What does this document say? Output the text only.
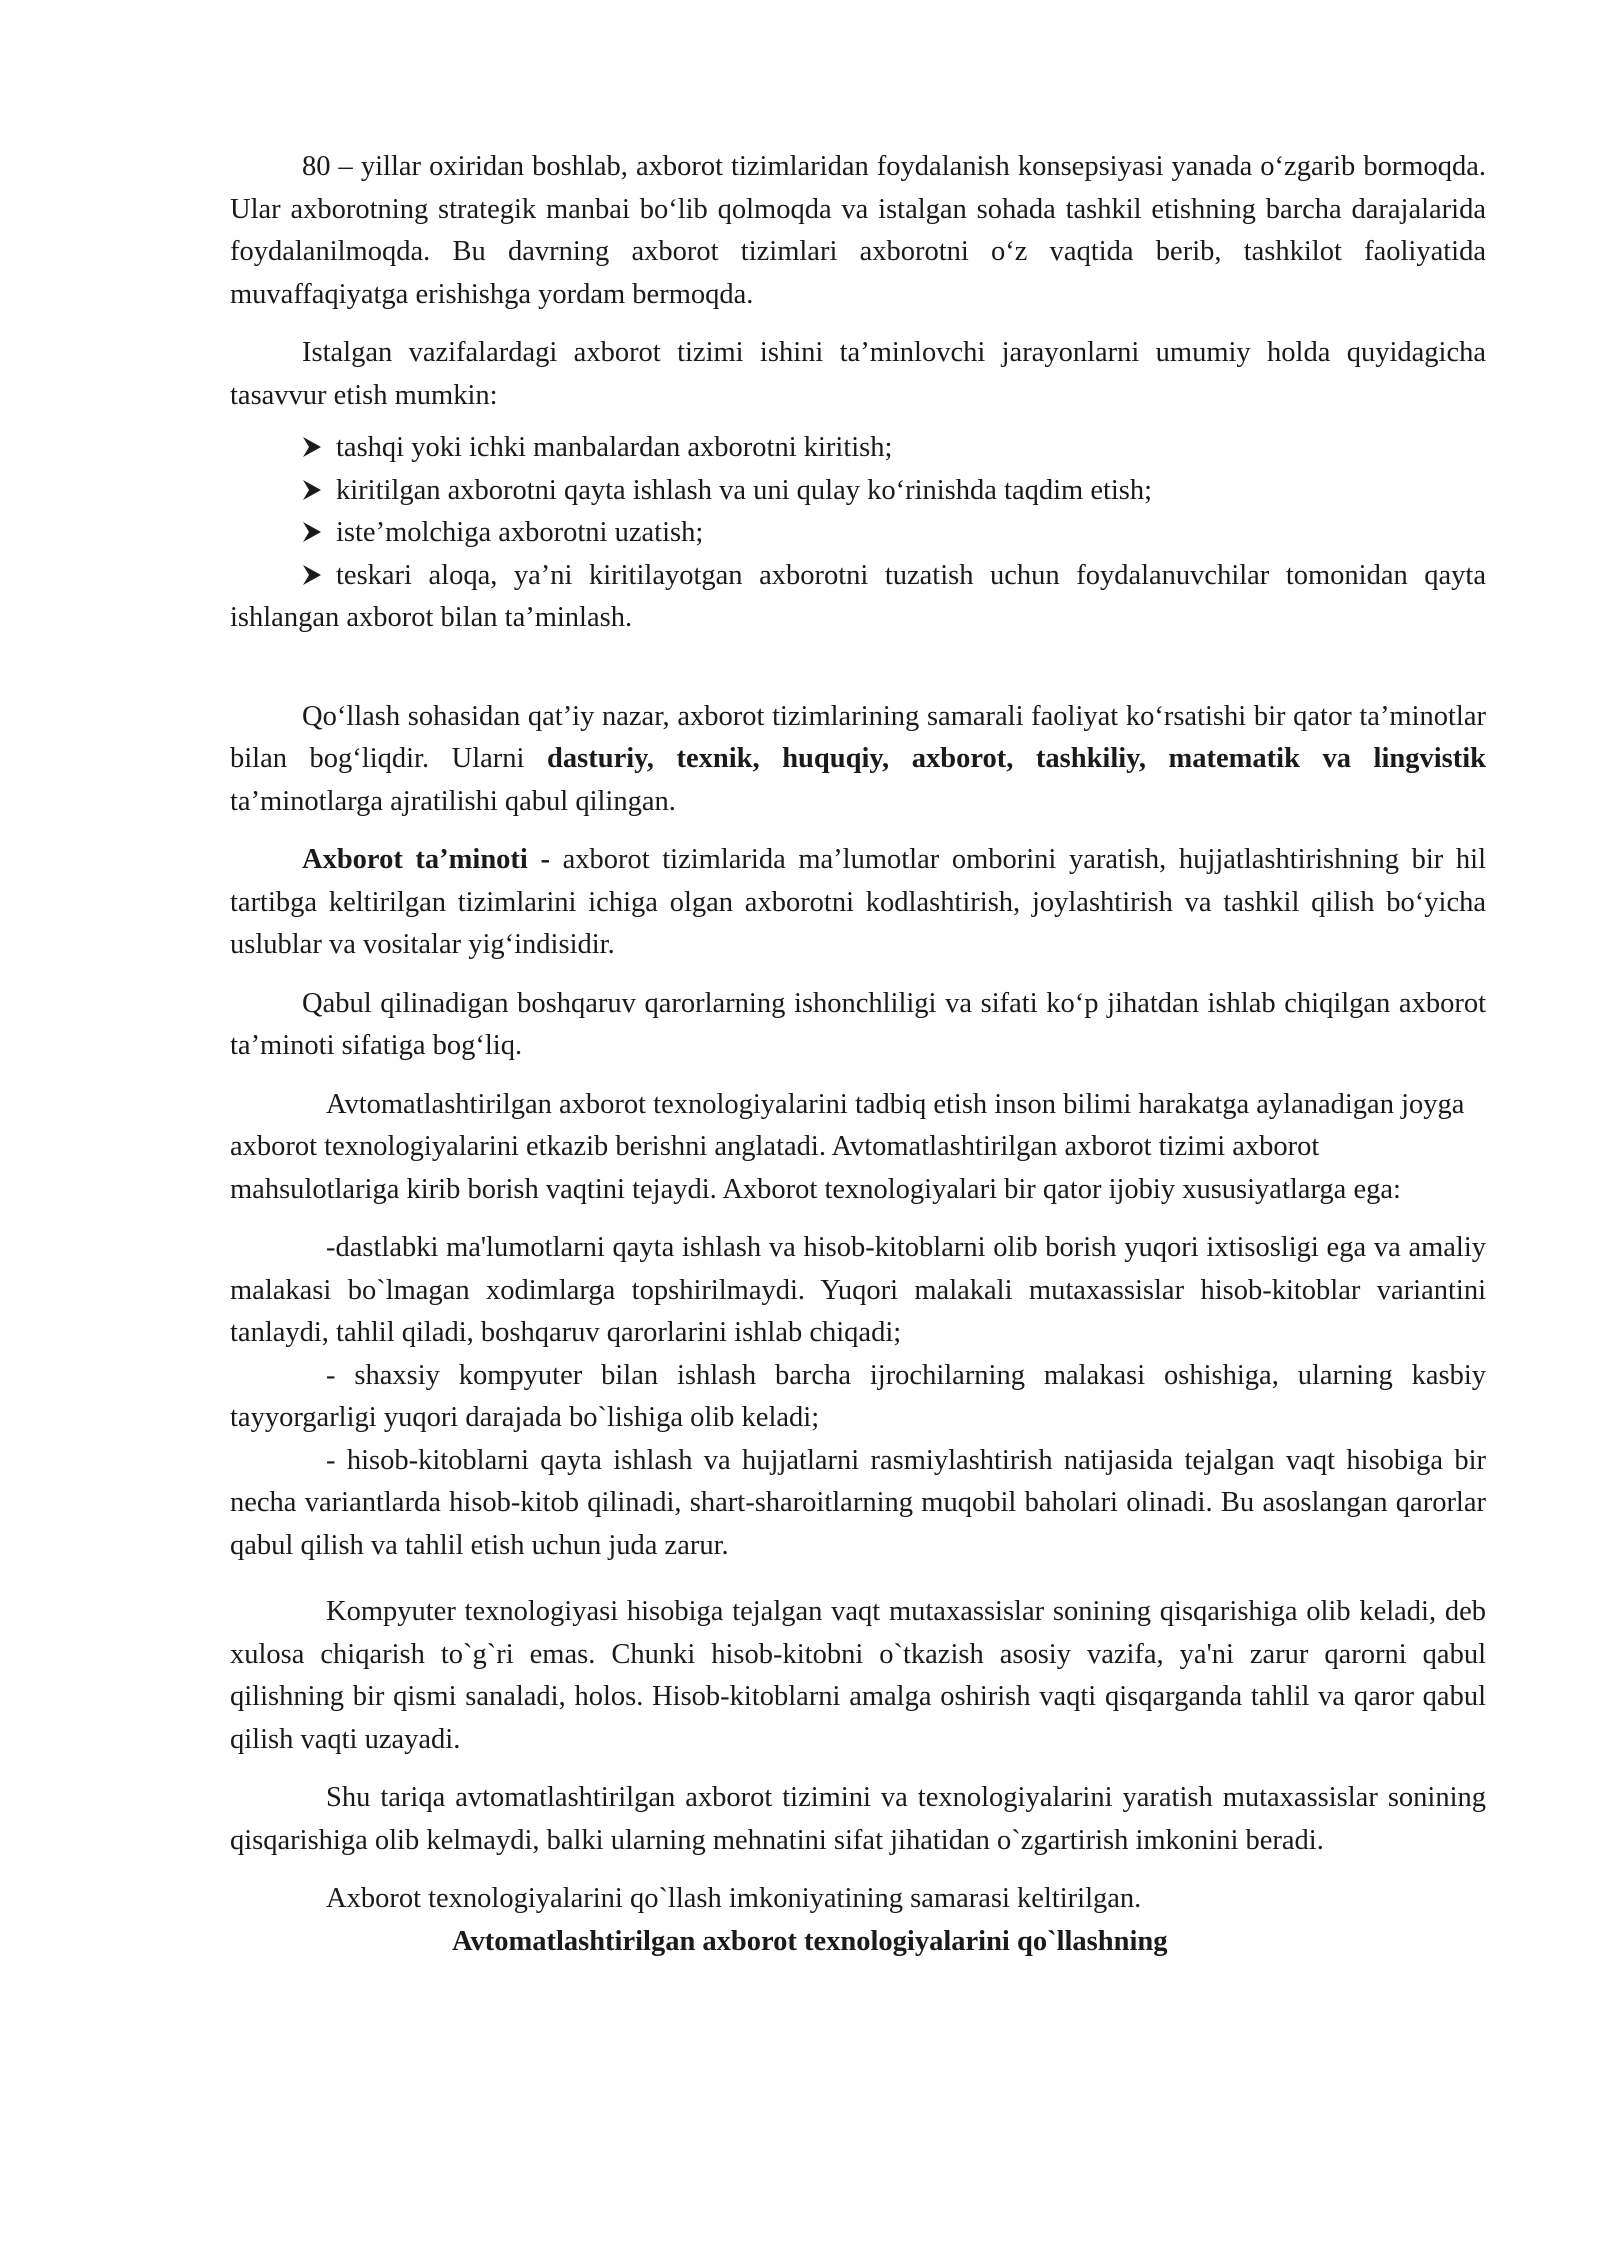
80 – yillar oxiridan boshlab, axborot tizimlaridan foydalanish konsepsiyasi yanada oʻzgarib bormoqda. Ular axborotning strategik manbai boʻlib qolmoqda va istalgan sohada tashkil etishning barcha darajalarida foydalanilmoqda. Bu davrning axborot tizimlari axborotni oʻz vaqtida berib, tashkilot faoliyatida muvaffaqiyatga erishishga yordam bermoqda.

Istalgan vazifalardagi axborot tizimi ishini taʼminlovchi jarayonlarni umumiy holda quyidagicha tasavvur etish mumkin:

tashqi yoki ichki manbalardan axborotni kiritish;
kiritilgan axborotni qayta ishlash va uni qulay koʻrinishda taqdim etish;
isteʼmolchiga axborotni uzatish;
teskari aloqa, yaʼni kiritilayotgan axborotni tuzatish uchun foydalanuvchilar tomonidan qayta ishlangan axborot bilan taʼminlash.

Qoʻllash sohasidan qatʼiy nazar, axborot tizimlarining samarali faoliyat koʻrsatishi bir qator taʼminotlar bilan bogʻliqdir. Ularni dasturiy, texnik, huquqiy, axborot, tashkiliy, matematik va lingvistik taʼminotlarga ajratilishi qabul qilingan.

Axborot taʼminoti - axborot tizimlarida maʼlumotlar omborini yaratish, hujjatlashtirishning bir hil tartibga keltirilgan tizimlarini ichiga olgan axborotni kodlashtirish, joylashtirish va tashkil qilish boʻyicha uslublar va vositalar yigʻindisidir.

Qabul qilinadigan boshqaruv qarorlarning ishonchliligi va sifati koʻp jihatdan ishlab chiqilgan axborot taʼminoti sifatiga bogʻliq.

Avtomatlashtirilgan axborot texnologiyalarini tadbiq etish inson bilimi harakatga aylanadigan joyga axborot texnologiyalarini etkazib berishni anglatadi. Avtomatlashtirilgan axborot tizimi axborot mahsulotlariga kirib borish vaqtini tejaydi. Axborot texnologiyalari bir qator ijobiy xususiyatlarga ega:

-dastlabki ma'lumotlarni qayta ishlash va hisob-kitoblarni olib borish yuqori ixtisosligi ega va amaliy malakasi bo`lmagan xodimlarga topshirilmaydi. Yuqori malakali mutaxassislar hisob-kitoblar variantini tanlaydi, tahlil qiladi, boshqaruv qarorlarini ishlab chiqadi;

- shaxsiy kompyuter bilan ishlash barcha ijrochilarning malakasi oshishiga, ularning kasbiy tayyorgarligi yuqori darajada bo`lishiga olib keladi;

- hisob-kitoblarni qayta ishlash va hujjatlarni rasmiylashtirish natijasida tejalgan vaqt hisobiga bir necha variantlarda hisob-kitob qilinadi, shart-sharoitlarning muqobil baholari olinadi. Bu asoslangan qarorlar qabul qilish va tahlil etish uchun juda zarur.

Kompyuter texnologiyasi hisobiga tejalgan vaqt mutaxassislar sonining qisqarishiga olib keladi, deb xulosa chiqarish to`g`ri emas. Chunki hisob-kitobni o`tkazish asosiy vazifa, ya'ni zarur qarorni qabul qilishning bir qismi sanaladi, holos. Hisob-kitoblarni amalga oshirish vaqti qisqarganda tahlil va qaror qabul qilish vaqti uzayadi.

Shu tariqa avtomatlashtirilgan axborot tizimini va texnologiyalarini yaratish mutaxassislar sonining qisqarishiga olib kelmaydi, balki ularning mehnatini sifat jihatidan o`zgartirish imkonini beradi.

Axborot texnologiyalarini qo`llash imkoniyatining samarasi keltirilgan.

Avtomatlashtirilgan axborot texnologiyalarini qo`llashning
